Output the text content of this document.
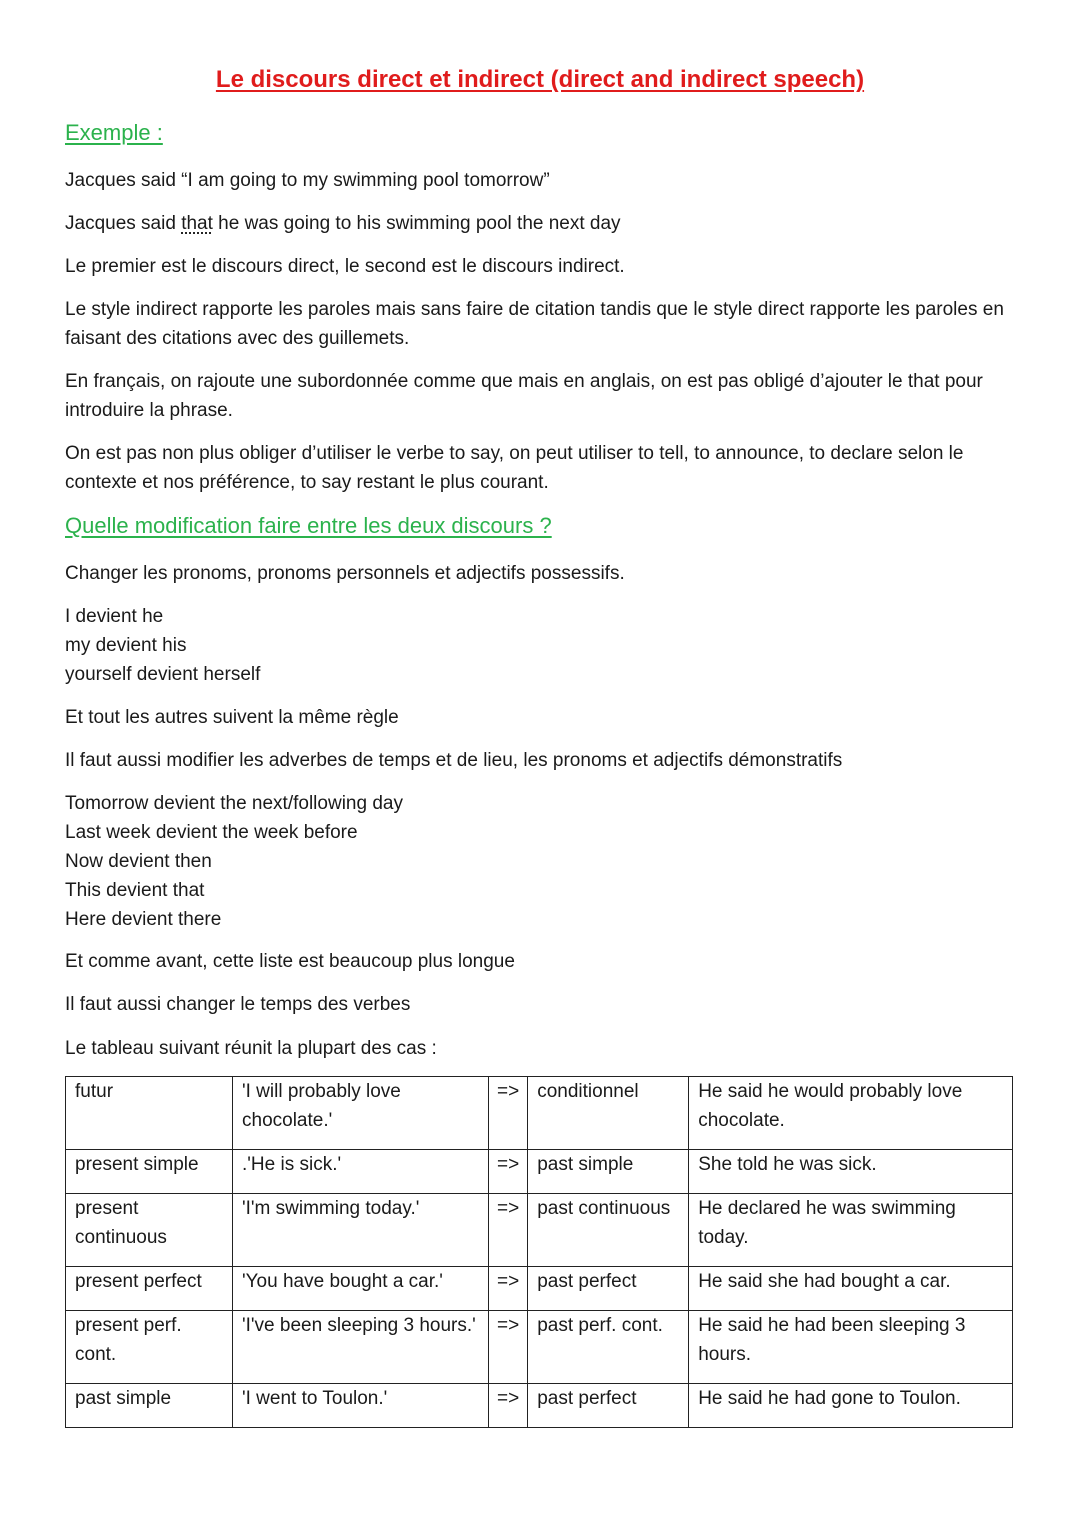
Le discours direct et indirect (direct and indirect speech)
Exemple :
Jacques said “I am going to my swimming pool tomorrow”
Jacques said that he was going to his swimming pool the next day
Le premier est le discours direct, le second est le discours indirect.
Le style indirect rapporte les paroles mais sans faire de citation tandis que le style direct rapporte les paroles en faisant des citations avec des guillemets.
En français, on rajoute une subordonnée comme que mais en anglais, on est pas obligé d’ajouter le that pour introduire la phrase.
On est pas non plus obliger d’utiliser le verbe to say, on peut utiliser to tell, to announce, to declare selon le contexte et nos préférence, to say restant le plus courant.
Quelle modification faire entre les deux discours ?
Changer les pronoms, pronoms personnels et adjectifs possessifs.
I devient he
my devient his
yourself devient herself
Et tout les autres suivent la même règle
Il faut aussi modifier les adverbes de temps et de lieu, les pronoms et adjectifs démonstratifs
Tomorrow devient the next/following day
Last week devient the week before
Now devient then
This devient that
Here devient there
Et comme avant, cette liste est beaucoup plus longue
Il faut aussi changer le temps des verbes
Le tableau suivant réunit la plupart des cas :
futur	'I will probably love chocolate.'	=>	conditionnel	He said he would probably love chocolate.
present simple	.'He is sick.'	=>	past simple	She told he was sick.
present continuous	'I'm swimming today.'	=>	past continuous	He declared he was swimming today.
present perfect	'You have bought a car.'	=>	past perfect	He said she had bought a car.
present perf. cont.	'I've been sleeping 3 hours.'	=>	past perf. cont.	He said he had been sleeping 3 hours.
past simple	'I went to Toulon.'	=>	past perfect	He said he had gone to Toulon.
